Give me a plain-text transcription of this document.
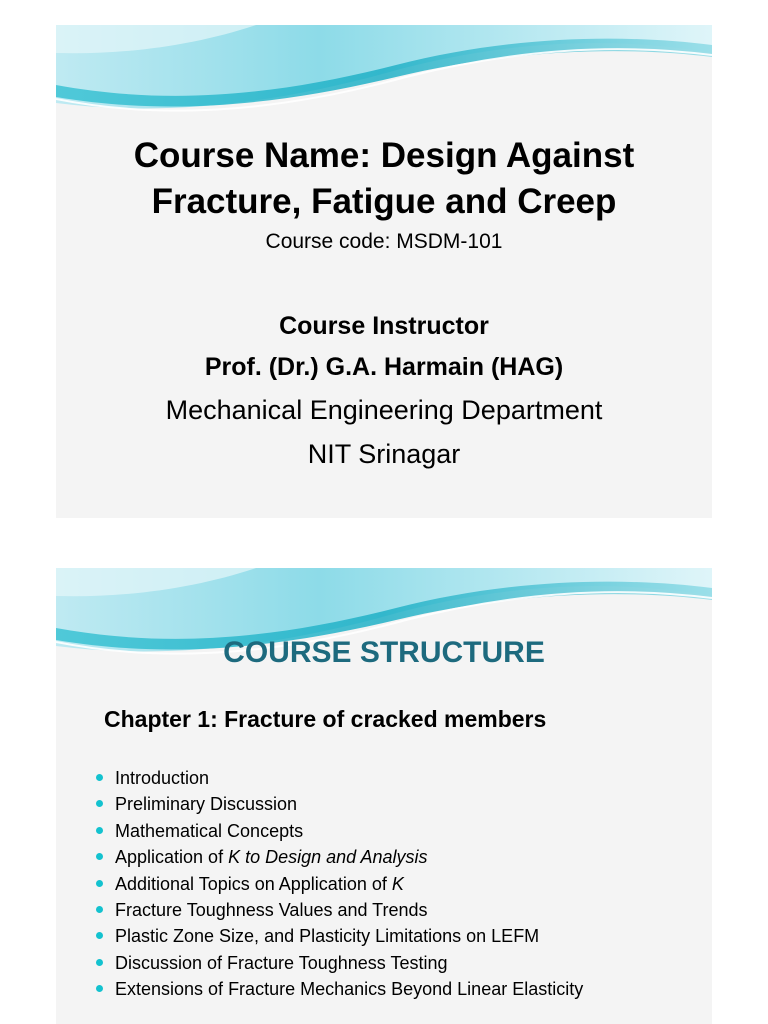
Course Name: Design Against
Fracture, Fatigue and Creep
Course code: MSDM-101
Course Instructor
Prof. (Dr.) G.A. Harmain (HAG)
Mechanical Engineering Department
NIT Srinagar
COURSE STRUCTURE
Chapter 1: Fracture of cracked members
Introduction
Preliminary Discussion
Mathematical Concepts
Application of K to Design and Analysis
Additional Topics on Application of K
Fracture Toughness Values and Trends
Plastic Zone Size, and Plasticity Limitations on LEFM
Discussion of Fracture Toughness Testing
Extensions of Fracture Mechanics Beyond Linear Elasticity
